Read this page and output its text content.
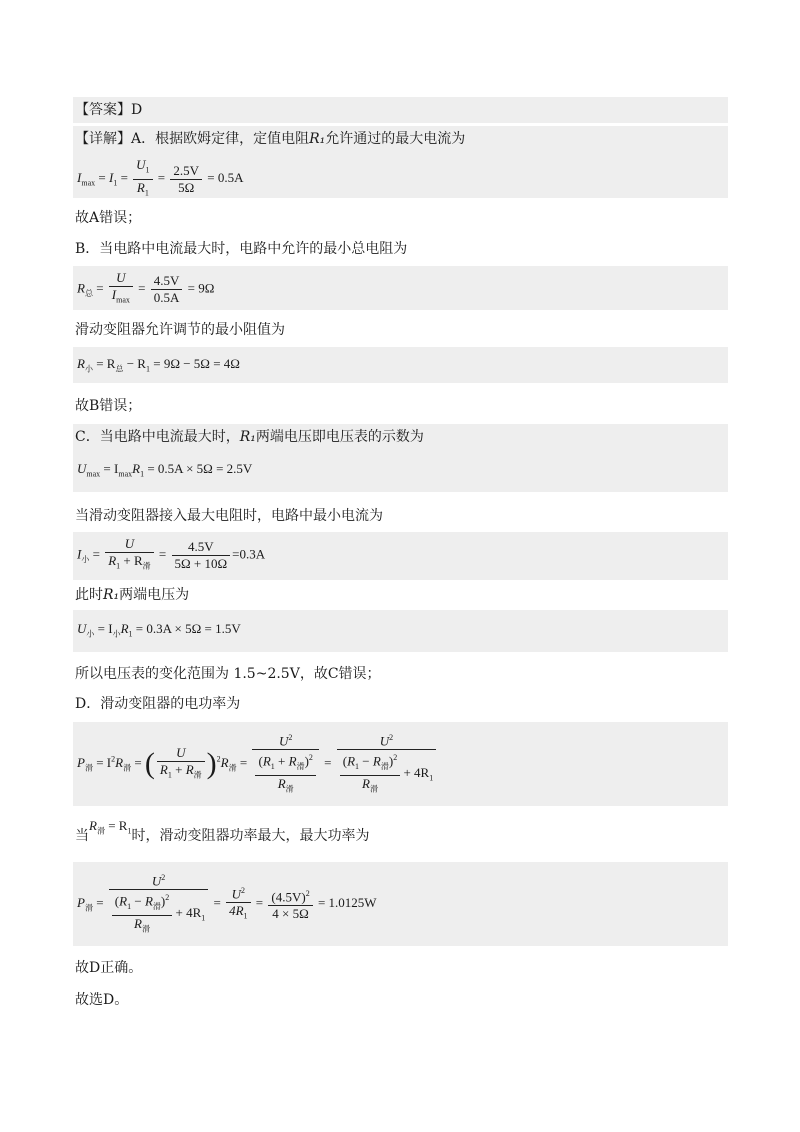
【答案】D
【详解】A．根据欧姆定律，定值电阻R₁允许通过的最大电流为
$I_{max} = I_1 = \frac{U_1}{R_1} = \frac{2.5V}{5\Omega} = 0.5A$
故A错误；
B．当电路中电流最大时，电路中允许的最小总电阻为
$R_总 = \frac{U}{I_{max}} = \frac{4.5V}{0.5A} = 9\Omega$
滑动变阻器允许调节的最小阻值为
$R_小 = R_总 - R_1 = 9\Omega - 5\Omega = 4\Omega$
故B错误；
C．当电路中电流最大时，R₁两端电压即电压表的示数为
$U_{max} = I_{max}R_1 = 0.5A \times 5\Omega = 2.5V$
当滑动变阻器接入最大电阻时，电路中最小电流为
$I_小 = \frac{U}{R_1 + R_滑} = \frac{4.5V}{5\Omega + 10\Omega} =0.3A$
此时R₁两端电压为
$U_小 = I_小R_1 = 0.3A \times 5\Omega = 1.5V$
所以电压表的变化范围为 1.5~2.5V，故C错误；
D．滑动变阻器的电功率为
$P_滑 = I^2R_滑$ = ( $\frac{U}{R_1 + R_滑} )^2R_滑 = \frac{U^2}{\frac{(R_1 + R_滑)^2}{R_滑}} = \frac{U^2}{\frac{(R_1 - R_滑)^2}{R_滑} + 4R_1}$
当$R_滑 = R_1$时，滑动变阻器功率最大，最大功率为
$P_滑 = \frac{U^2}{\frac{(R_1 - R_滑)^2}{R_滑} + 4R_1} = \frac{U^2}{4R_1} = \frac{(4.5V)^2}{4 \times 5\Omega} = 1.0125W$
故D正确。
故选D。
